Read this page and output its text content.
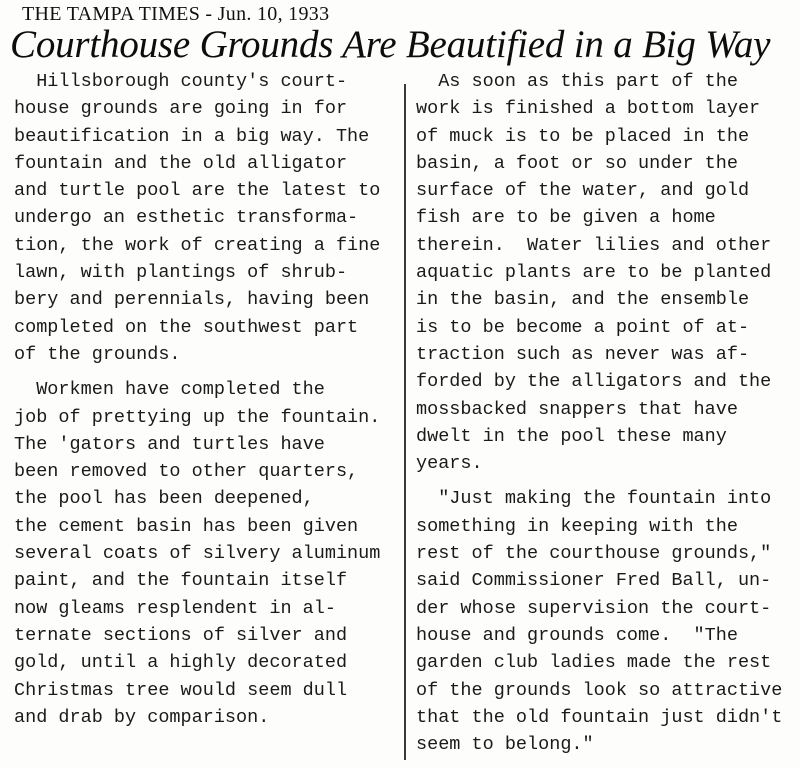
THE TAMPA TIMES - Jun. 10, 1933
Courthouse Grounds Are Beautified in a Big Way
Hillsborough county's court-
house grounds are going in for
beautification in a big way. The
fountain and the old alligator
and turtle pool are the latest to
undergo an esthetic transforma-
tion, the work of creating a fine
lawn, with plantings of shrub-
bery and perennials, having been
completed on the southwest part
of the grounds.
Workmen have completed the
job of prettying up the fountain.
The 'gators and turtles have
been removed to other quarters,
the pool has been deepened,
the cement basin has been given
several coats of silvery aluminum
paint, and the fountain itself
now gleams resplendent in al-
ternate sections of silver and
gold, until a highly decorated
Christmas tree would seem dull
and drab by comparison.
As soon as this part of the
work is finished a bottom layer
of muck is to be placed in the
basin, a foot or so under the
surface of the water, and gold
fish are to be given a home
therein.  Water lilies and other
aquatic plants are to be planted
in the basin, and the ensemble
is to be become a point of at-
traction such as never was af-
forded by the alligators and the
mossbacked snappers that have
dwelt in the pool these many
years.
"Just making the fountain into
something in keeping with the
rest of the courthouse grounds,"
said Commissioner Fred Ball, un-
der whose supervision the court-
house and grounds come.  "The
garden club ladies made the rest
of the grounds look so attractive
that the old fountain just didn't
seem to belong."
